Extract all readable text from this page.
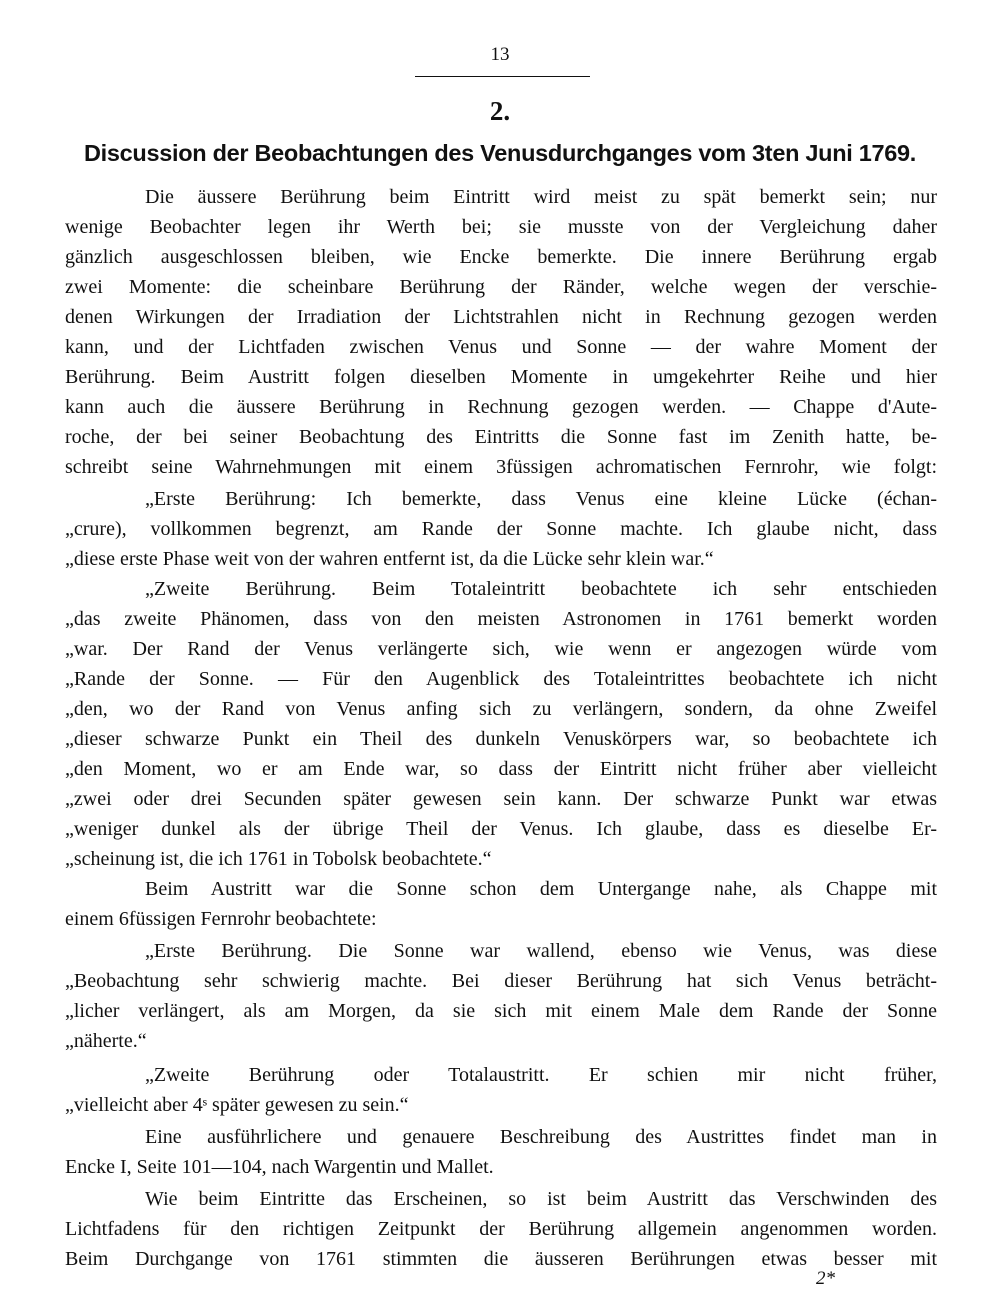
13
2.
Discussion der Beobachtungen des Venusdurchganges vom 3ten Juni 1769.
Die äussere Berührung beim Eintritt wird meist zu spät bemerkt sein; nur
wenige Beobachter legen ihr Werth bei; sie musste von der Vergleichung daher
gänzlich ausgeschlossen bleiben, wie Encke bemerkte. Die innere Berührung ergab
zwei Momente: die scheinbare Berührung der Ränder, welche wegen der verschie-
denen Wirkungen der Irradiation der Lichtstrahlen nicht in Rechnung gezogen werden
kann, und der Lichtfaden zwischen Venus und Sonne — der wahre Moment der
Berührung. Beim Austritt folgen dieselben Momente in umgekehrter Reihe und hier
kann auch die äussere Berührung in Rechnung gezogen werden. — Chappe d'Aute-
roche, der bei seiner Beobachtung des Eintritts die Sonne fast im Zenith hatte, be-
schreibt seine Wahrnehmungen mit einem 3füssigen achromatischen Fernrohr, wie folgt:
„Erste Berührung: Ich bemerkte, dass Venus eine kleine Lücke (échan-
„crure), vollkommen begrenzt, am Rande der Sonne machte. Ich glaube nicht, dass
„diese erste Phase weit von der wahren entfernt ist, da die Lücke sehr klein war.“
„Zweite Berührung. Beim Totaleintritt beobachtete ich sehr entschieden
„das zweite Phänomen, dass von den meisten Astronomen in 1761 bemerkt worden
„war. Der Rand der Venus verlängerte sich, wie wenn er angezogen würde vom
„Rande der Sonne. — Für den Augenblick des Totaleintrittes beobachtete ich nicht
„den, wo der Rand von Venus anfing sich zu verlängern, sondern, da ohne Zweifel
„dieser schwarze Punkt ein Theil des dunkeln Venuskörpers war, so beobachtete ich
„den Moment, wo er am Ende war, so dass der Eintritt nicht früher aber vielleicht
„zwei oder drei Secunden später gewesen sein kann. Der schwarze Punkt war etwas
„weniger dunkel als der übrige Theil der Venus. Ich glaube, dass es dieselbe Er-
„scheinung ist, die ich 1761 in Tobolsk beobachtete.“
Beim Austritt war die Sonne schon dem Untergange nahe, als Chappe mit
einem 6füssigen Fernrohr beobachtete:
„Erste Berührung. Die Sonne war wallend, ebenso wie Venus, was diese
„Beobachtung sehr schwierig machte. Bei dieser Berührung hat sich Venus beträcht-
„licher verlängert, als am Morgen, da sie sich mit einem Male dem Rande der Sonne
„näherte.“
„Zweite Berührung oder Totalaustritt. Er schien mir nicht früher,
„vielleicht aber 4ˢ später gewesen zu sein.“
Eine ausführlichere und genauere Beschreibung des Austrittes findet man in
Encke I, Seite 101—104, nach Wargentin und Mallet.
Wie beim Eintritte das Erscheinen, so ist beim Austritt das Verschwinden des
Lichtfadens für den richtigen Zeitpunkt der Berührung allgemein angenommen worden.
Beim Durchgange von 1761 stimmten die äusseren Berührungen etwas besser mit
2*
